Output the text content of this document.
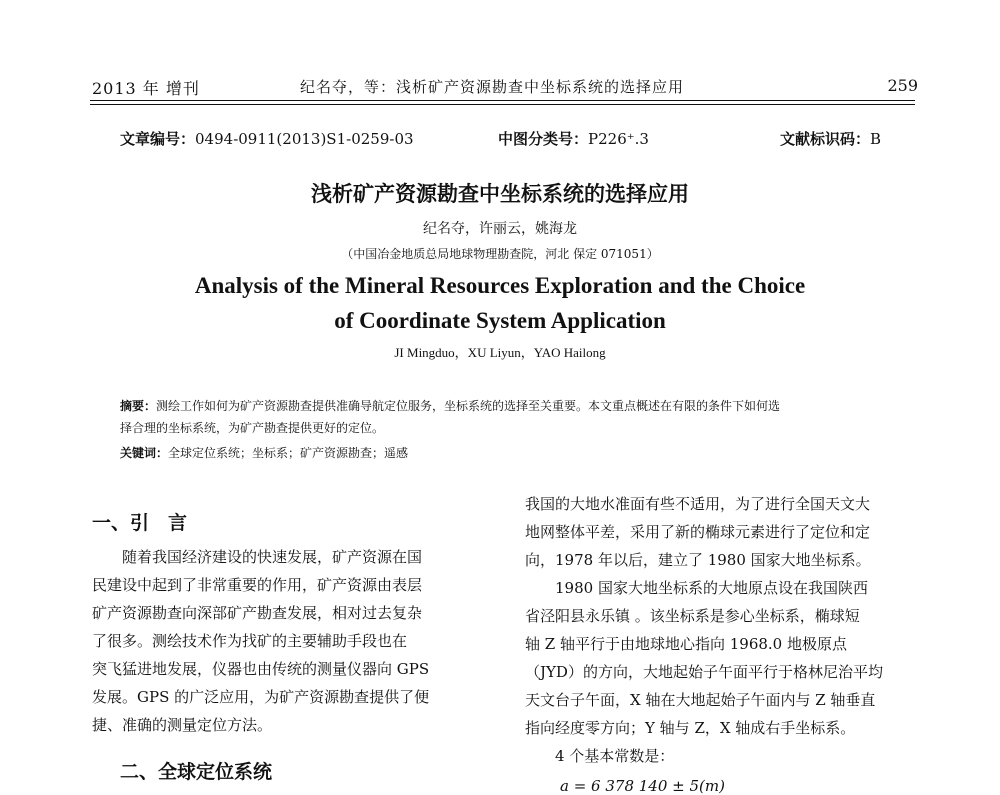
2013 年 增刊	纪名夺，等：浅析矿产资源勘查中坐标系统的选择应用	259
文章编号：0494-0911(2013)S1-0259-03	中图分类号：P226⁺.3	文献标识码：B
浅析矿产资源勘查中坐标系统的选择应用
纪名夺，许丽云，姚海龙
（中国冶金地质总局地球物理勘查院，河北 保定 071051）
Analysis of the Mineral Resources Exploration and the Choice
of Coordinate System Application
JI Mingduo，XU Liyun，YAO Hailong
摘要：测绘工作如何为矿产资源勘查提供准确导航定位服务，坐标系统的选择至关重要。本文重点概述在有限的条件下如何选
择合理的坐标系统，为矿产勘查提供更好的定位。
关键词：全球定位系统；坐标系；矿产资源勘查；遥感
一、引　言
　　随着我国经济建设的快速发展，矿产资源在国
民建设中起到了非常重要的作用，矿产资源由表层
矿产资源勘查向深部矿产勘查发展，相对过去复杂
了很多。测绘技术作为找矿的主要辅助手段也在
突飞猛进地发展，仪器也由传统的测量仪器向 GPS
发展。GPS 的广泛应用，为矿产资源勘查提供了便
捷、准确的测量定位方法。
二、全球定位系统
我国的大地水准面有些不适用，为了进行全国天文大
地网整体平差，采用了新的椭球元素进行了定位和定
向，1978 年以后，建立了 1980 国家大地坐标系。
　　1980 国家大地坐标系的大地原点设在我国陕西
省泾阳县永乐镇 。该坐标系是参心坐标系，椭球短
轴 Z 轴平行于由地球地心指向 1968.0 地极原点
（JYD）的方向，大地起始子午面平行于格林尼治平均
天文台子午面，X 轴在大地起始子午面内与 Z 轴垂直
指向经度零方向；Y 轴与 Z，X 轴成右手坐标系。
　　4 个基本常数是：
a = 6 378 140 ± 5(m)
